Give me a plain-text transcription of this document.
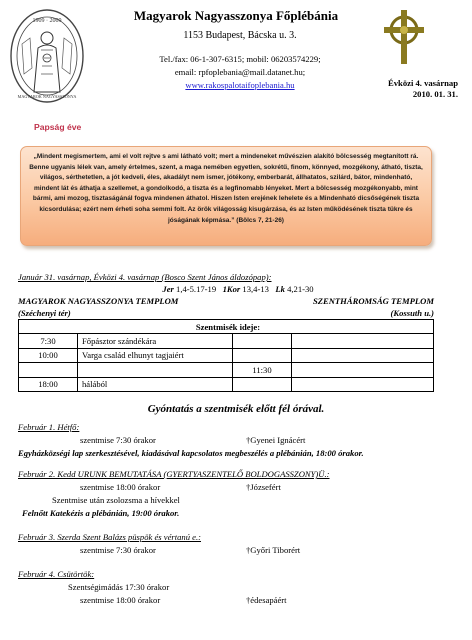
1909 · 2009
MAGYAROK NAGYASSZONYA
Magyarok Nagyasszonya Főplébánia
1153 Budapest, Bácska u. 3.
Tel./fax: 06-1-307-6315; mobil: 06203574229;
email: rpfoplebania@mail.datanet.hu;
www.rakospalotaifoplebania.hu	Évközi 4. vasárnap
2010. 01. 31.
Papság éve
„Mindent megismertem, ami el volt rejtve s ami látható volt; mert a mindeneket művészien alakító bölcsesség megtanított rá. Benne ugyanis lélek van, amely értelmes, szent, a maga nemében egyetlen, sokrétű, finom, könnyed, mozgékony, átható, tiszta, világos, sérthetetlen, a jót kedveli, éles, akadályt nem ismer, jótékony, emberbarát, állhatatos, szilárd, bátor, mindenható, mindent lát és áthatja a szellemet, a gondolkodó, a tiszta és a legfinomabb lényeket. Mert a bölcsesség mozgékonyabb, mint bármi, ami mozog, tisztaságánál fogva mindenen áthatol. Hiszen Isten erejének lehelete és a Mindenható dicsőségének tiszta kicsordulása; ezért nem érheti soha semmi folt. Az örök világosság kisugárzása, és az Isten működésének tiszta tükre és jóságának képmása.” (Bölcs 7, 21-26)
Január 31. vasárnap, Évközi 4. vasárnap (Bosco Szent János áldozópap):
Jer 1,4-5.17-19 1Kor 13,4-13 Lk 4,21-30
MAGYAROK NAGYASSZONYA TEMPLOM	SZENTHÁROMSÁG TEMPLOM
(Széchenyi tér)	(Kossuth u.)
Szentmisék ideje:			
7:30	Főpásztor szándékára		
10:00	Varga család elhunyt tagjaiért		
		11:30	
18:00	hálából		
Gyóntatás a szentmisék előtt fél órával.
Február 1. Hétfő:
szentmise 7:30 órakor	†Gyenei Ignácért
Egyházközségi lap szerkesztésével, kiadásával kapcsolatos megbeszélés a plébánián, 18:00 órakor.
Február 2. Kedd URUNK BEMUTATÁSA (GYERTYASZENTELŐ BOLDOGASSZONY)Ü.:
szentmise 18:00 órakor	†Józsefért
Szentmise után zsolozsma a hívekkel
Felnőtt Katekézis a plébánián, 19:00 órakor.
Február 3. Szerda Szent Balázs püspök és vértanú e.:
szentmise 7:30 órakor	†Győri Tiborért
Február 4. Csütörtök:
Szentségimádás 17:30 órakor
szentmise 18:00 órakor	†édesapáért
